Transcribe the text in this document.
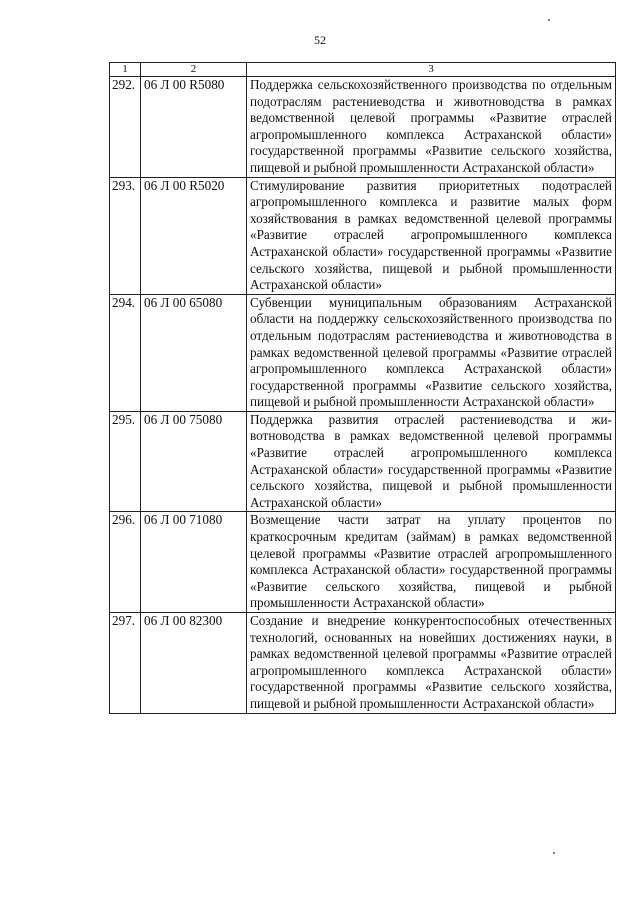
52
1	2	3
292.	06 Л 00 R5080	Поддержка сельскохозяйственного производства по отдельным подотраслям растениеводства и животноводства в рамках ведомственной целевой программы «Развитие отраслей агропромышленного комплекса Астраханской области» государственной программы «Развитие сельского хозяйства, пищевой и рыбной промышленности Астраханской области»
293.	06 Л 00 R5020	Стимулирование развития приоритетных подотраслей агропромышленного комплекса и развитие малых форм хозяйствования в рамках ведомственной целевой программы «Развитие отраслей агропромышленного комплекса Астраханской области» государственной программы «Развитие сельского хозяйства, пищевой и рыбной промышленности Астраханской области»
294.	06 Л 00 65080	Субвенции муниципальным образованиям Астраханской области на поддержку сельскохозяйственного производства по отдельным подотраслям растениеводства и животноводства в рамках ведомственной целевой программы «Развитие отраслей агропромышленного комплекса Астраханской области» государственной программы «Развитие сельского хозяйства, пищевой и рыбной промышленности Астраханской области»
295.	06 Л 00 75080	Поддержка развития отраслей растениеводства и животноводства в рамках ведомственной целевой программы «Развитие отраслей агропромышленного комплекса Астраханской области» государственной программы «Развитие сельского хозяйства, пищевой и рыбной промышленности Астраханской области»
296.	06 Л 00 71080	Возмещение части затрат на уплату процентов по краткосрочным кредитам (займам) в рамках ведомственной целевой программы «Развитие отраслей агропромышленного комплекса Астраханской области» государственной программы «Развитие сельского хозяйства, пищевой и рыбной промышленности Астраханской области»
297.	06 Л 00 82300	Создание и внедрение конкурентоспособных отечественных технологий, основанных на новейших достижениях науки, в рамках ведомственной целевой программы «Развитие отраслей агропромышленного комплекса Астраханской области» государственной программы «Развитие сельского хозяйства, пищевой и рыбной промышленности Астраханской области»
